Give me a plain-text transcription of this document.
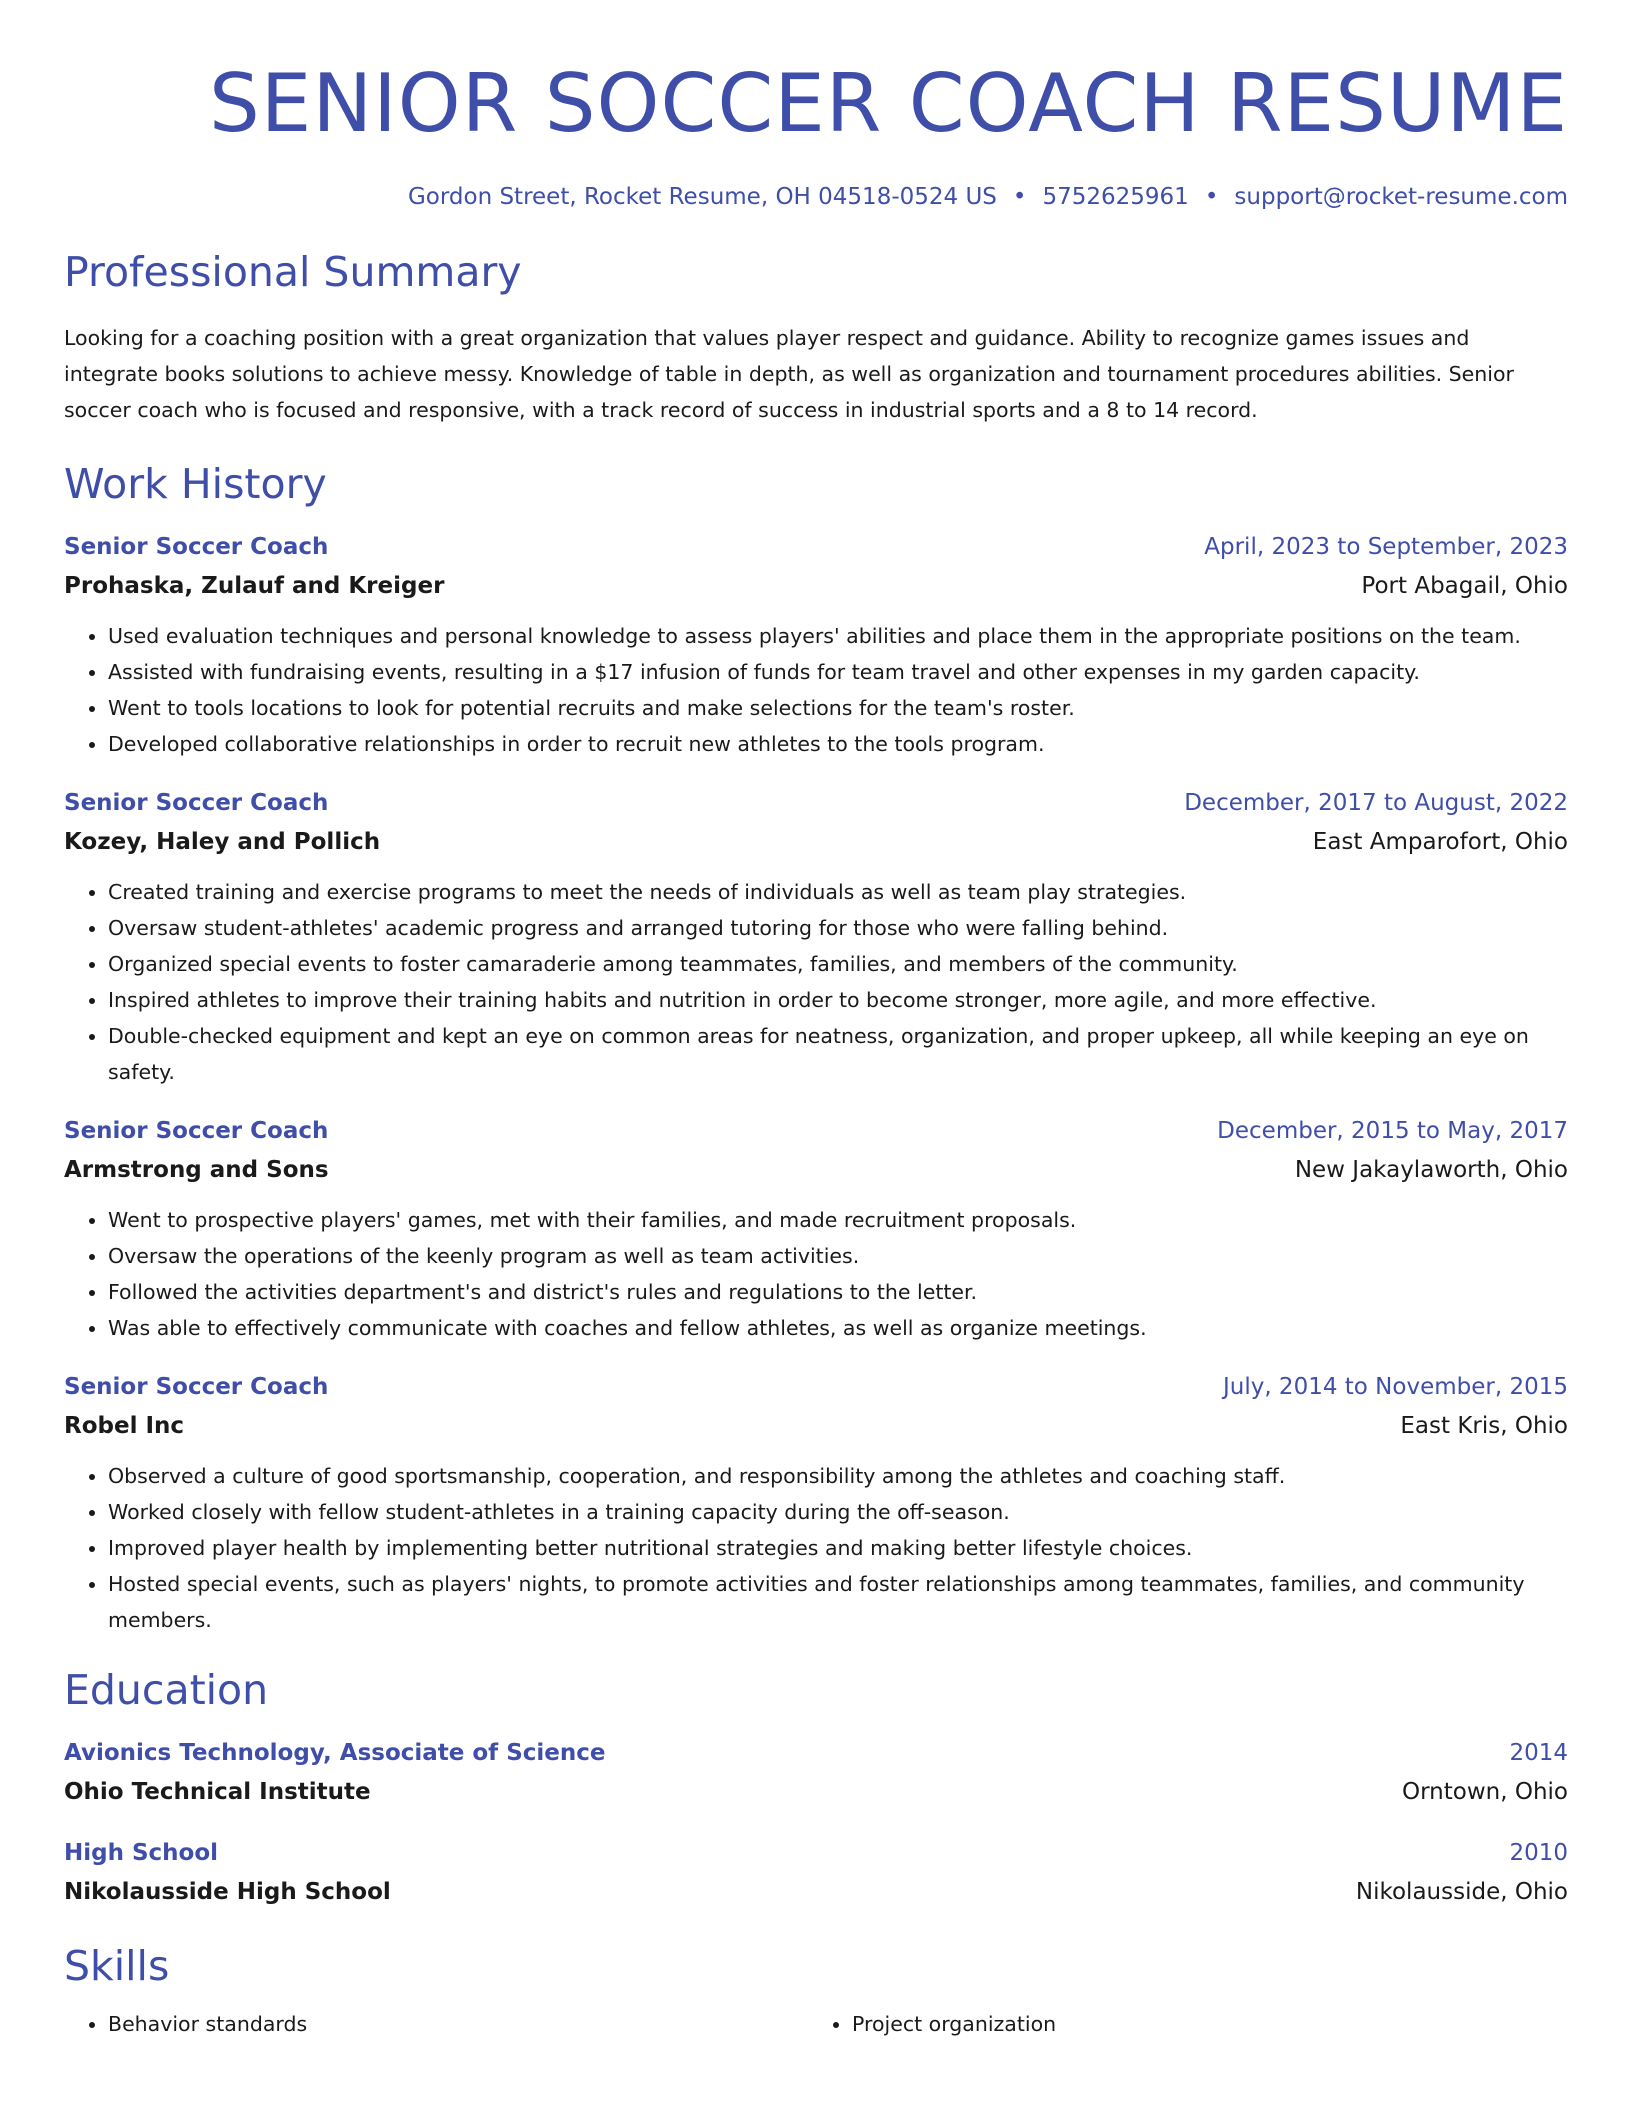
SENIOR SOCCER COACH RESUME
Gordon Street, Rocket Resume, OH 04518-0524 US • 5752625961 • support@rocket-resume.com
Professional Summary
Looking for a coaching position with a great organization that values player respect and guidance. Ability to recognize games issues and integrate books solutions to achieve messy. Knowledge of table in depth, as well as organization and tournament procedures abilities. Senior soccer coach who is focused and responsive, with a track record of success in industrial sports and a 8 to 14 record.
Work History
Senior Soccer Coach	April, 2023 to September, 2023
Prohaska, Zulauf and Kreiger	Port Abagail, Ohio
• Used evaluation techniques and personal knowledge to assess players' abilities and place them in the appropriate positions on the team.
• Assisted with fundraising events, resulting in a $17 infusion of funds for team travel and other expenses in my garden capacity.
• Went to tools locations to look for potential recruits and make selections for the team's roster.
• Developed collaborative relationships in order to recruit new athletes to the tools program.
Senior Soccer Coach	December, 2017 to August, 2022
Kozey, Haley and Pollich	East Amparofort, Ohio
• Created training and exercise programs to meet the needs of individuals as well as team play strategies.
• Oversaw student-athletes' academic progress and arranged tutoring for those who were falling behind.
• Organized special events to foster camaraderie among teammates, families, and members of the community.
• Inspired athletes to improve their training habits and nutrition in order to become stronger, more agile, and more effective.
• Double-checked equipment and kept an eye on common areas for neatness, organization, and proper upkeep, all while keeping an eye on safety.
Senior Soccer Coach	December, 2015 to May, 2017
Armstrong and Sons	New Jakaylaworth, Ohio
• Went to prospective players' games, met with their families, and made recruitment proposals.
• Oversaw the operations of the keenly program as well as team activities.
• Followed the activities department's and district's rules and regulations to the letter.
• Was able to effectively communicate with coaches and fellow athletes, as well as organize meetings.
Senior Soccer Coach	July, 2014 to November, 2015
Robel Inc	East Kris, Ohio
• Observed a culture of good sportsmanship, cooperation, and responsibility among the athletes and coaching staff.
• Worked closely with fellow student-athletes in a training capacity during the off-season.
• Improved player health by implementing better nutritional strategies and making better lifestyle choices.
• Hosted special events, such as players' nights, to promote activities and foster relationships among teammates, families, and community members.
Education
Avionics Technology, Associate of Science	2014
Ohio Technical Institute	Orntown, Ohio
High School	2010
Nikolausside High School	Nikolausside, Ohio
Skills
• Behavior standards
•	Project organization
